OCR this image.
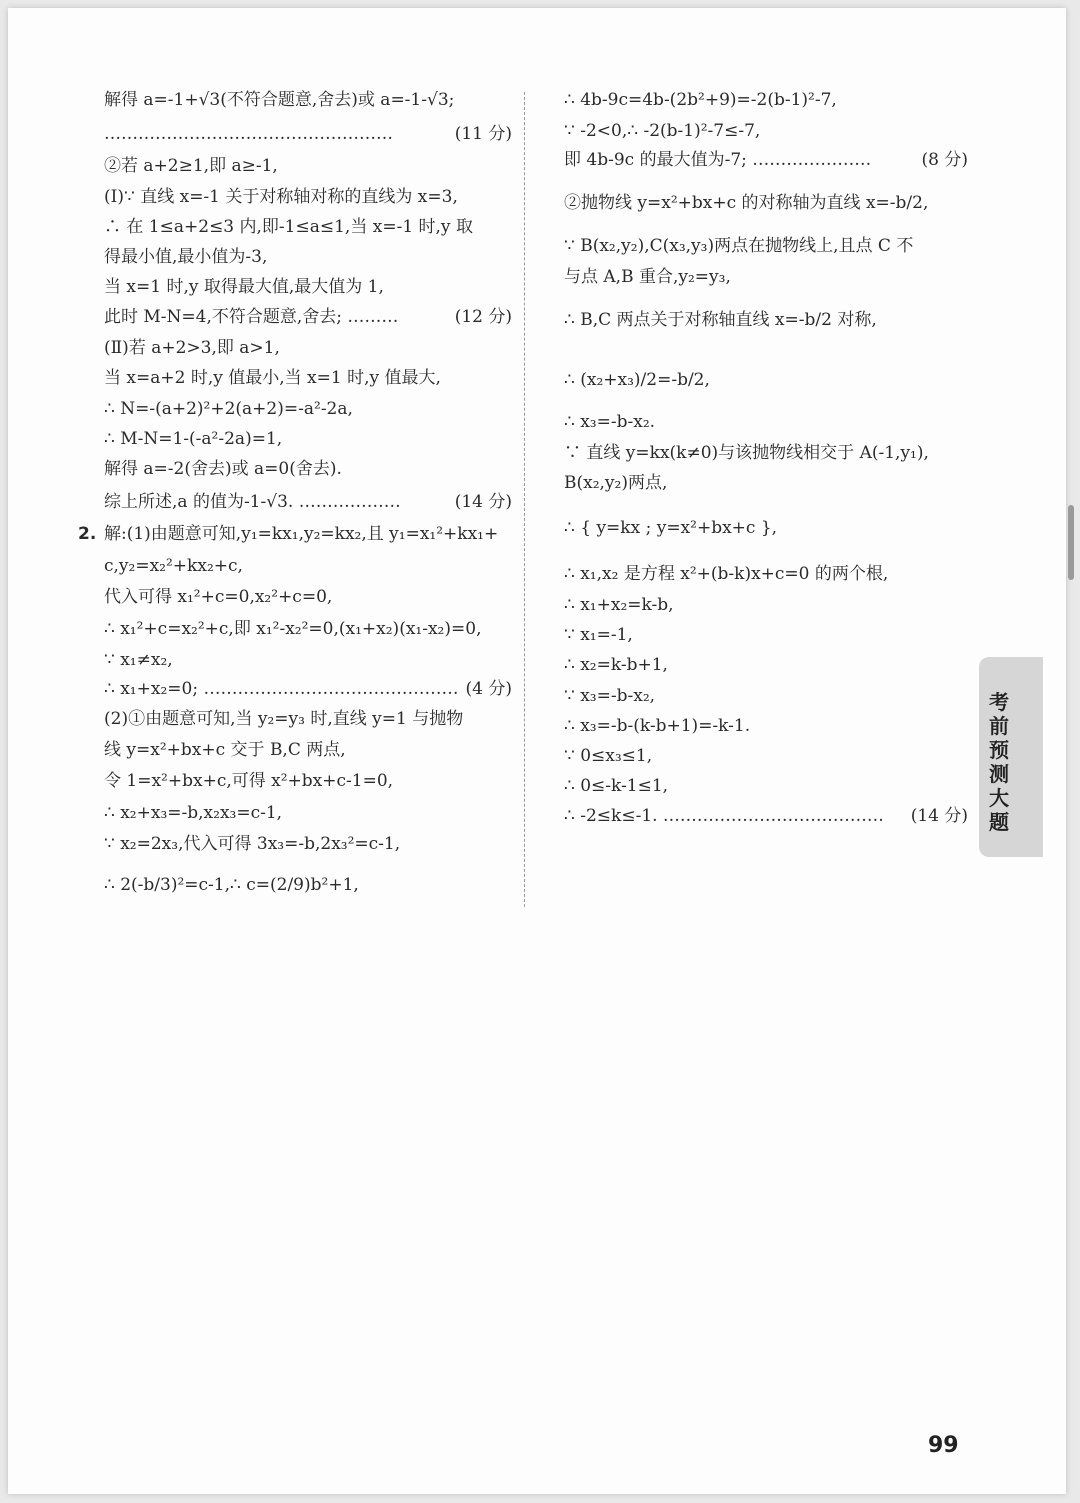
解得 a=-1+√3(不符合题意,舍去)或 a=-1-√3;
……………………………………………	(11 分)
②若 a+2≥1,即 a≥-1,
(Ⅰ)∵ 直线 x=-1 关于对称轴对称的直线为 x=3,
∴ 在 1≤a+2≤3 内,即-1≤a≤1,当 x=-1 时,y 取
得最小值,最小值为-3,
当 x=1 时,y 取得最大值,最大值为 1,
此时 M-N=4,不符合题意,舍去; ………	(12 分)
(Ⅱ)若 a+2>3,即 a>1,
当 x=a+2 时,y 值最小,当 x=1 时,y 值最大,
∴ N=-(a+2)²+2(a+2)=-a²-2a,
∴ M-N=1-(-a²-2a)=1,
解得 a=-2(舍去)或 a=0(舍去).
综上所述,a 的值为-1-√3. ………………	(14 分)
2. 解:(1)由题意可知,y₁=kx₁,y₂=kx₂,且 y₁=x₁²+kx₁+
c,y₂=x₂²+kx₂+c,
代入可得 x₁²+c=0,x₂²+c=0,
∴ x₁²+c=x₂²+c,即 x₁²-x₂²=0,(x₁+x₂)(x₁-x₂)=0,
∵ x₁≠x₂,
∴ x₁+x₂=0; ……………………………………… (4 分)
(2)①由题意可知,当 y₂=y₃ 时,直线 y=1 与抛物
线 y=x²+bx+c 交于 B,C 两点,
令 1=x²+bx+c,可得 x²+bx+c-1=0,
∴ x₂+x₃=-b,x₂x₃=c-1,
∵ x₂=2x₃,代入可得 3x₃=-b,2x₃²=c-1,
∴ 2(-b/3)²=c-1,∴ c=(2/9)b²+1,
∴ 4b-9c=4b-(2b²+9)=-2(b-1)²-7,
∵ -2<0,∴ -2(b-1)²-7≤-7,
即 4b-9c 的最大值为-7; …………………	(8 分)
②抛物线 y=x²+bx+c 的对称轴为直线 x=-b/2,
∵ B(x₂,y₂),C(x₃,y₃)两点在抛物线上,且点 C 不
与点 A,B 重合,y₂=y₃,
∴ B,C 两点关于对称轴直线 x=-b/2 对称,
∴ (x₂+x₃)/2=-b/2,
∴ x₃=-b-x₂.
∵ 直线 y=kx(k≠0)与该抛物线相交于 A(-1,y₁),
B(x₂,y₂)两点,
∴ { y=kx ; y=x²+bx+c },
∴ x₁,x₂ 是方程 x²+(b-k)x+c=0 的两个根,
∴ x₁+x₂=k-b,
∵ x₁=-1,
∴ x₂=k-b+1,
∵ x₃=-b-x₂,
∴ x₃=-b-(k-b+1)=-k-1.
∵ 0≤x₃≤1,
∴ 0≤-k-1≤1,
∴ -2≤k≤-1. ………………………………… (14 分)
考前预测大题
99
